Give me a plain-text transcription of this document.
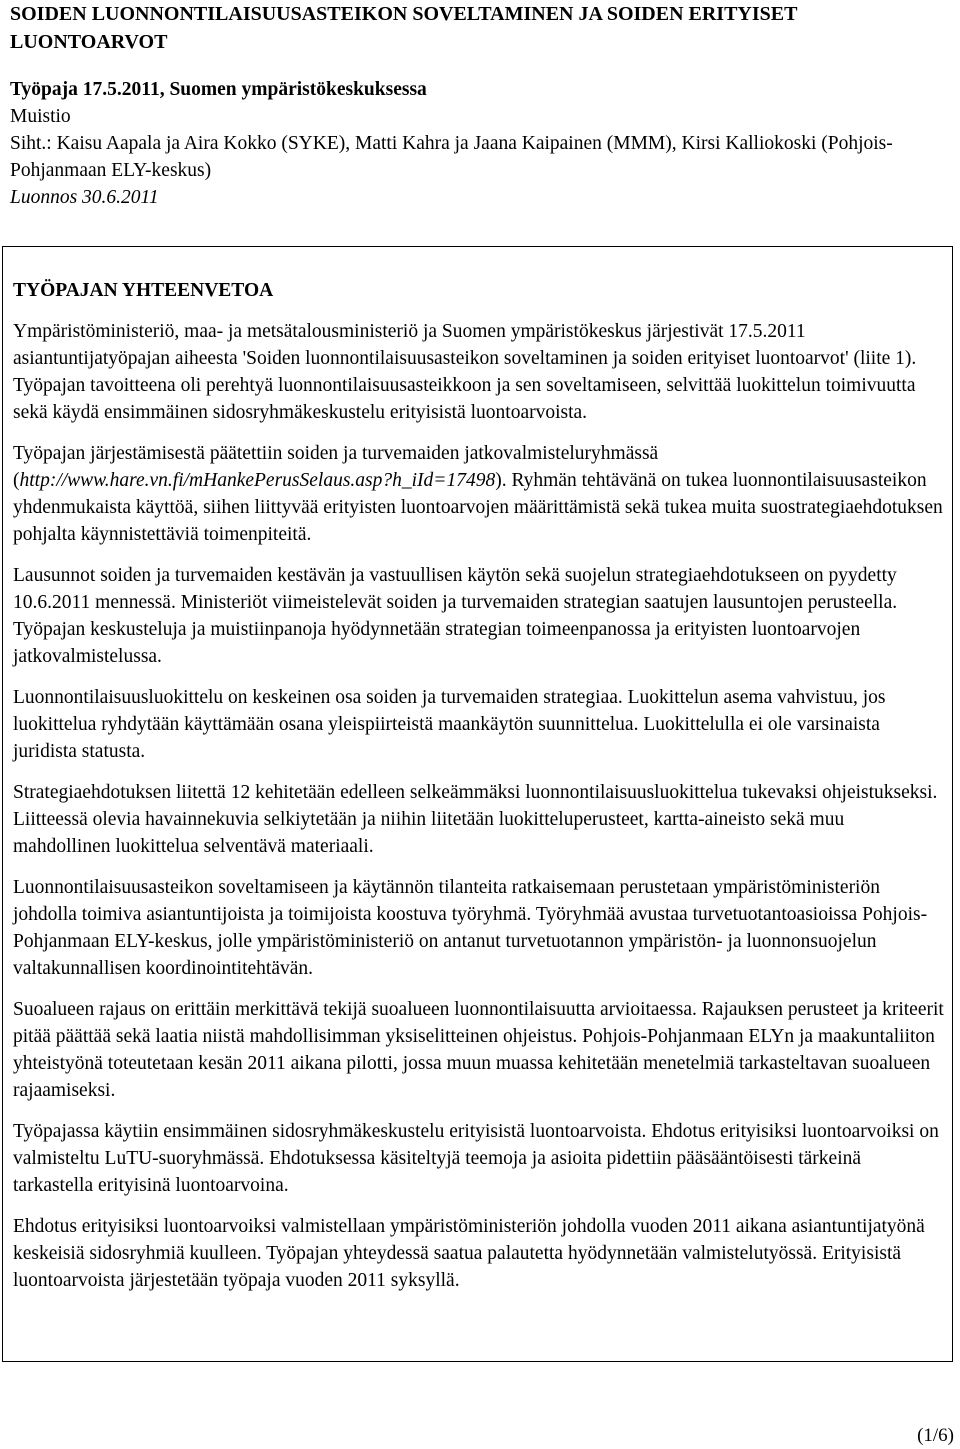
SOIDEN LUONNONTILAISUUSASTEIKON SOVELTAMINEN JA SOIDEN ERITYISET LUONTOARVOT
Työpaja 17.5.2011, Suomen ympäristökeskuksessa
Muistio
Siht.: Kaisu Aapala ja Aira Kokko (SYKE), Matti Kahra ja Jaana Kaipainen (MMM), Kirsi Kalliokoski (Pohjois-Pohjanmaan ELY-keskus)
Luonnos 30.6.2011
TYÖPAJAN YHTEENVETOA

Ympäristöministeriö, maa- ja metsätalousministeriö ja Suomen ympäristökeskus järjestivät 17.5.2011 asiantuntijatyöpajan aiheesta 'Soiden luonnontilaisuusasteikon soveltaminen ja soiden erityiset luontoarvot' (liite 1). Työpajan tavoitteena oli perehtyä luonnontilaisuusasteikkoon ja sen soveltamiseen, selvittää luokittelun toimivuutta sekä käydä ensimmäinen sidosryhmäkeskustelu erityisistä luontoarvoista.

Työpajan järjestämisestä päätettiin soiden ja turvemaiden jatkovalmisteluryhmässä (http://www.hare.vn.fi/mHankePerusSelaus.asp?h_iId=17498). Ryhmän tehtävänä on tukea luonnontilaisuusasteikon yhdenmukaista käyttöä, siihen liittyvää erityisten luontoarvojen määrittämistä sekä tukea muita suostrategiaehdotuksen pohjalta käynnistettäviä toimenpiteitä.

Lausunnot soiden ja turvemaiden kestävän ja vastuullisen käytön sekä suojelun strategiaehdotukseen on pyydetty 10.6.2011 mennessä. Ministeriöt viimeistelevät soiden ja turvemaiden strategian saatujen lausuntojen perusteella. Työpajan keskusteluja ja muistiinpanoja hyödynnetään strategian toimeenpanossa ja erityisten luontoarvojen jatkovalmistelussa.

Luonnontilaisuusluokittelu on keskeinen osa soiden ja turvemaiden strategiaa. Luokittelun asema vahvistuu, jos luokittelua ryhdytään käyttämään osana yleispiirteistä maankäytön suunnittelua. Luokittelulla ei ole varsinaista juridista statusta.

Strategiaehdotuksen liitettä 12 kehitetään edelleen selkeämmäksi luonnontilaisuusluokittelua tukevaksi ohjeistukseksi. Liitteessä olevia havainnekuvia selkiytetään ja niihin liitetään luokitteluperusteet, kartta-aineisto sekä muu mahdollinen luokittelua selventävä materiaali.

Luonnontilaisuusasteikon soveltamiseen ja käytännön tilanteita ratkaisemaan perustetaan ympäristöministeriön johdolla toimiva asiantuntijoista ja toimijoista koostuva työryhmä. Työryhmää avustaa turvetuotantoasioissa Pohjois-Pohjanmaan ELY-keskus, jolle ympäristöministeriö on antanut turvetuotannon ympäristön- ja luonnonsuojelun valtakunnallisen koordinointitehtävän.

Suoalueen rajaus on erittäin merkittävä tekijä suoalueen luonnontilaisuutta arvioitaessa. Rajauksen perusteet ja kriteerit pitää päättää sekä laatia niistä mahdollisimman yksiselitteinen ohjeistus. Pohjois-Pohjanmaan ELYn ja maakuntaliiton yhteistyönä toteutetaan kesän 2011 aikana pilotti, jossa muun muassa kehitetään menetelmiä tarkasteltavan suoalueen rajaamiseksi.

Työpajassa käytiin ensimmäinen sidosryhmäkeskustelu erityisistä luontoarvoista. Ehdotus erityisiksi luontoarvoiksi on valmisteltu LuTU-suoryhmässä. Ehdotuksessa käsiteltyjä teemoja ja asioita pidettiin pääsääntöisesti tärkeinä tarkastella erityisinä luontoarvoina.

Ehdotus erityisiksi luontoarvoiksi valmistellaan ympäristöministeriön johdolla vuoden 2011 aikana asiantuntijatyönä keskeisiä sidosryhmiä kuulleen. Työpajan yhteydessä saatua palautetta hyödynnetään valmistelutyössä. Erityisistä luontoarvoista järjestetään työpaja vuoden 2011 syksyllä.

(1/6)
